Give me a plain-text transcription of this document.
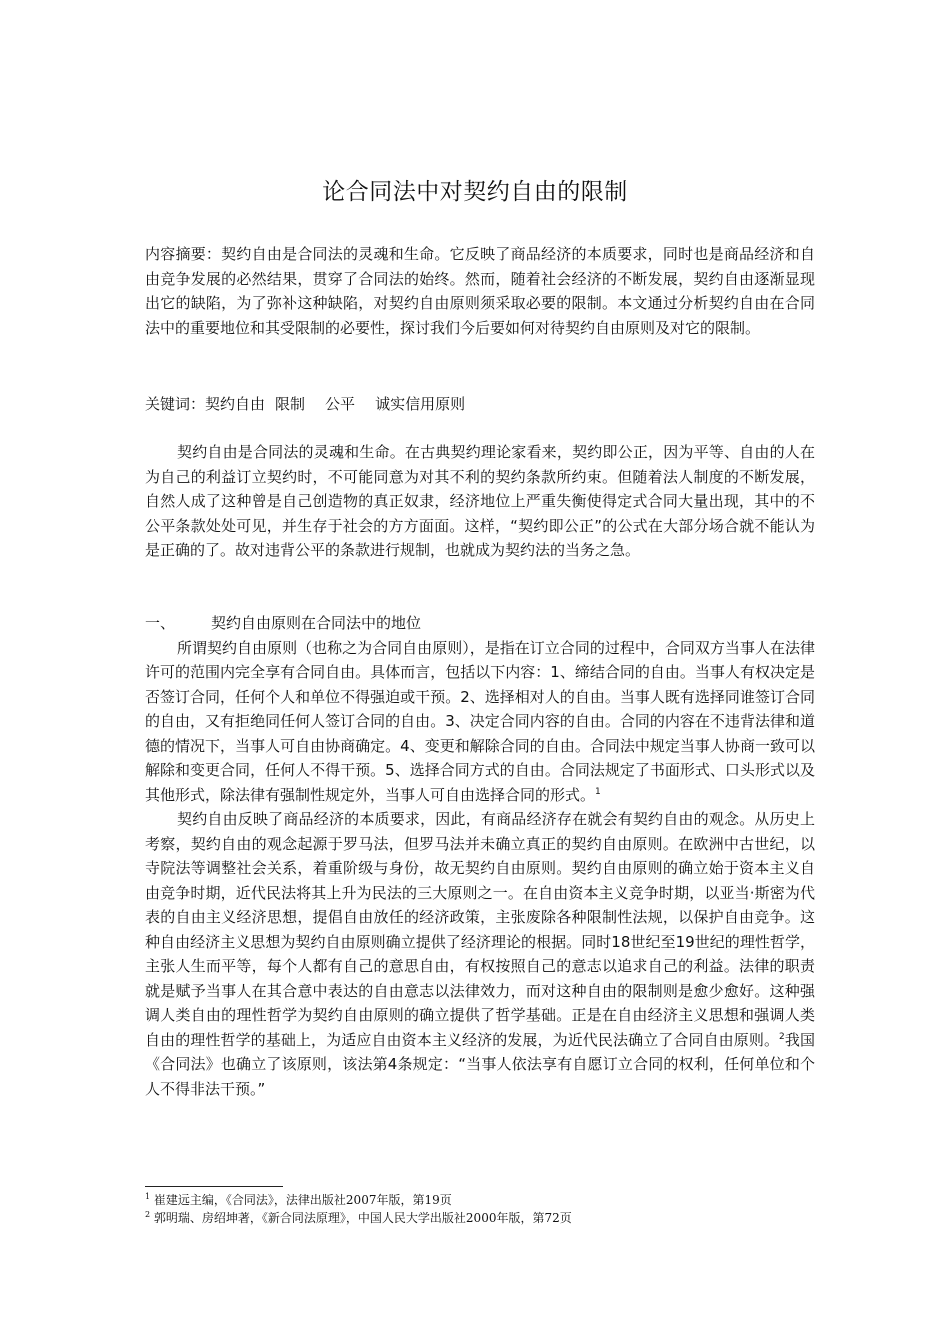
论合同法中对契约自由的限制

内容摘要：契约自由是合同法的灵魂和生命。它反映了商品经济的本质要求，同时也是商品经济和自由竞争发展的必然结果，贯穿了合同法的始终。然而，随着社会经济的不断发展，契约自由逐渐显现出它的缺陷，为了弥补这种缺陷，对契约自由原则须采取必要的限制。本文通过分析契约自由在合同法中的重要地位和其受限制的必要性，探讨我们今后要如何对待契约自由原则及对它的限制。

关键词：契约自由 限制 公平 诚实信用原则

契约自由是合同法的灵魂和生命。在古典契约理论家看来，契约即公正，因为平等、自由的人在为自己的利益订立契约时，不可能同意为对其不利的契约条款所约束。但随着法人制度的不断发展，自然人成了这种曾是自己创造物的真正奴隶，经济地位上严重失衡使得定式合同大量出现，其中的不公平条款处处可见，并生存于社会的方方面面。这样，“契约即公正”的公式在大部分场合就不能认为是正确的了。故对违背公平的条款进行规制，也就成为契约法的当务之急。

一、 契约自由原则在合同法中的地位

所谓契约自由原则（也称之为合同自由原则），是指在订立合同的过程中，合同双方当事人在法律许可的范围内完全享有合同自由。具体而言，包括以下内容：1、缔结合同的自由。当事人有权决定是否签订合同，任何个人和单位不得强迫或干预。2、选择相对人的自由。当事人既有选择同谁签订合同的自由，又有拒绝同任何人签订合同的自由。3、决定合同内容的自由。合同的内容在不违背法律和道德的情况下，当事人可自由协商确定。4、变更和解除合同的自由。合同法中规定当事人协商一致可以解除和变更合同，任何人不得干预。5、选择合同方式的自由。合同法规定了书面形式、口头形式以及其他形式，除法律有强制性规定外，当事人可自由选择合同的形式。$^1$

契约自由反映了商品经济的本质要求，因此，有商品经济存在就会有契约自由的观念。从历史上考察，契约自由的观念起源于罗马法，但罗马法并未确立真正的契约自由原则。在欧洲中古世纪，以寺院法等调整社会关系，着重阶级与身份，故无契约自由原则。契约自由原则的确立始于资本主义自由竞争时期，近代民法将其上升为民法的三大原则之一。在自由资本主义竞争时期，以亚当·斯密为代表的自由主义经济思想，提倡自由放任的经济政策，主张废除各种限制性法规，以保护自由竞争。这种自由经济主义思想为契约自由原则确立提供了经济理论的根据。同时18世纪至19世纪的理性哲学，主张人生而平等，每个人都有自己的意思自由，有权按照自己的意志以追求自己的利益。法律的职责就是赋予当事人在其合意中表达的自由意志以法律效力，而对这种自由的限制则是愈少愈好。这种强调人类自由的理性哲学为契约自由原则的确立提供了哲学基础。正是在自由经济主义思想和强调人类自由的理性哲学的基础上，为适应自由资本主义经济的发展，为近代民法确立了合同自由原则。$^2$我国《合同法》也确立了该原则，该法第4条规定：“当事人依法享有自愿订立合同的权利，任何单位和个人不得非法干预。”

$^1$ 崔建远主编，《合同法》，法律出版社2007年版，第19页

$^2$ 郭明瑞、房绍坤著，《新合同法原理》，中国人民大学出版社2000年版，第72页
